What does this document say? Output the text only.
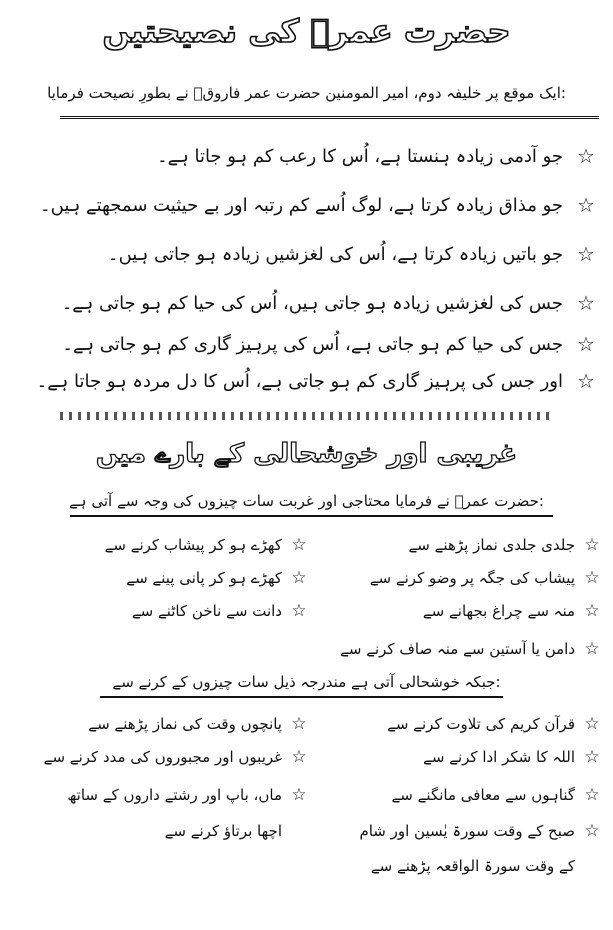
حضرت عمرؓ کی نصیحتیں
ایک موقع پر خلیفہ دوم، امیر المومنین حضرت عمر فاروقؓ نے بطورِ نصیحت فرمایا:
☆
جو آدمی زیادہ ہنستا ہے، اُس کا رعب کم ہو جاتا ہے۔
☆
جو مذاق زیادہ کرتا ہے، لوگ اُسے کم رتبہ اور بے حیثیت سمجھتے ہیں۔
☆
جو باتیں زیادہ کرتا ہے، اُس کی لغزشیں زیادہ ہو جاتی ہیں۔
☆
جس کی لغزشیں زیادہ ہو جاتی ہیں، اُس کی حیا کم ہو جاتی ہے۔
☆
جس کی حیا کم ہو جاتی ہے، اُس کی پرہیز گاری کم ہو جاتی ہے۔
☆
اور جس کی پرہیز گاری کم ہو جاتی ہے، اُس کا دل مردہ ہو جاتا ہے۔
غریبی اور خوشحالی کے بارے میں
حضرت عمرؓ نے فرمایا محتاجی اور غربت سات چیزوں کی وجہ سے آتی ہے:
☆
جلدی جلدی نماز پڑھنے سے
☆
کھڑے ہو کر پیشاب کرنے سے
☆
پیشاب کی جگہ پر وضو کرنے سے
☆
کھڑے ہو کر پانی پینے سے
☆
منہ سے چراغ بجھانے سے
☆
دانت سے ناخن کاٹنے سے
☆
دامن یا آستین سے منہ صاف کرنے سے
جبکہ خوشحالی آتی ہے مندرجہ ذیل سات چیزوں کے کرنے سے:
☆
قرآن کریم کی تلاوت کرنے سے
☆
پانچوں وقت کی نماز پڑھنے سے
☆
اللہ کا شکر ادا کرنے سے
☆
غریبوں اور مجبوروں کی مدد کرنے سے
☆
گناہوں سے معافی مانگنے سے
☆
ماں، باپ اور رشتے داروں کے ساتھ
☆
صبح کے وقت سورۃ یٰسین اور شام
اچھا برتاؤ کرنے سے
کے وقت سورۃ الواقعہ پڑھنے سے
